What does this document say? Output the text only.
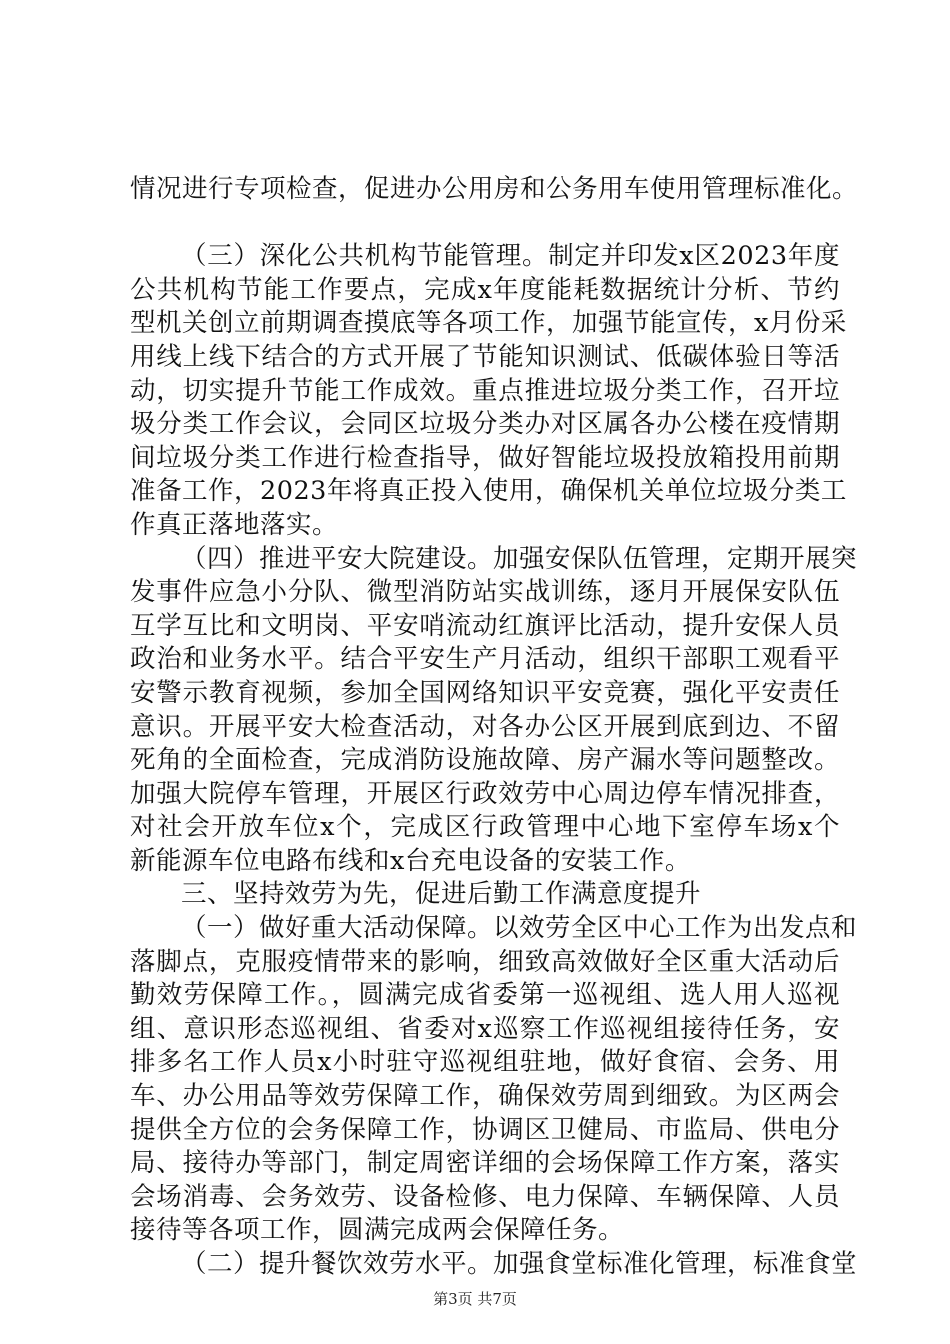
情况进行专项检查，促进办公用房和公务用车使用管理标准化。
（三）深化公共机构节能管理。制定并印发x区2023年度
公共机构节能工作要点，完成x年度能耗数据统计分析、节约
型机关创立前期调查摸底等各项工作，加强节能宣传，x月份采
用线上线下结合的方式开展了节能知识测试、低碳体验日等活
动，切实提升节能工作成效。重点推进垃圾分类工作，召开垃
圾分类工作会议，会同区垃圾分类办对区属各办公楼在疫情期
间垃圾分类工作进行检查指导，做好智能垃圾投放箱投用前期
准备工作，2023年将真正投入使用，确保机关单位垃圾分类工
作真正落地落实。
（四）推进平安大院建设。加强安保队伍管理，定期开展突
发事件应急小分队、微型消防站实战训练，逐月开展保安队伍
互学互比和文明岗、平安哨流动红旗评比活动，提升安保人员
政治和业务水平。结合平安生产月活动，组织干部职工观看平
安警示教育视频，参加全国网络知识平安竞赛，强化平安责任
意识。开展平安大检查活动，对各办公区开展到底到边、不留
死角的全面检查，完成消防设施故障、房产漏水等问题整改。
加强大院停车管理，开展区行政效劳中心周边停车情况排查，
对社会开放车位x个，完成区行政管理中心地下室停车场x个
新能源车位电路布线和x台充电设备的安装工作。
三、坚持效劳为先，促进后勤工作满意度提升
（一）做好重大活动保障。以效劳全区中心工作为出发点和
落脚点，克服疫情带来的影响，细致高效做好全区重大活动后
勤效劳保障工作。，圆满完成省委第一巡视组、选人用人巡视
组、意识形态巡视组、省委对x巡察工作巡视组接待任务，安
排多名工作人员x小时驻守巡视组驻地，做好食宿、会务、用
车、办公用品等效劳保障工作，确保效劳周到细致。为区两会
提供全方位的会务保障工作，协调区卫健局、市监局、供电分
局、接待办等部门，制定周密详细的会场保障工作方案，落实
会场消毒、会务效劳、设备检修、电力保障、车辆保障、人员
接待等各项工作，圆满完成两会保障任务。
（二）提升餐饮效劳水平。加强食堂标准化管理，标准食堂
第3页 共7页
